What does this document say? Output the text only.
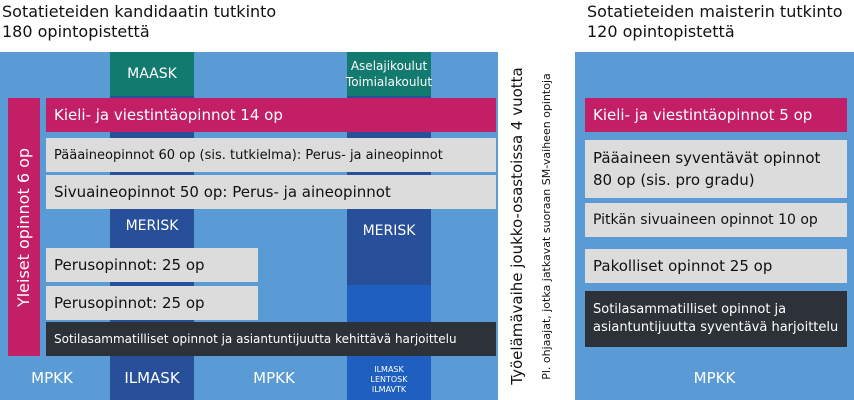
Sotatieteiden kandidaatin tutkinto
180 opintopistettä
Sotatieteiden maisterin tutkinto
120 opintopistettä
MAASK	Aselajikoulut
Toimialakoulut
Yleiset opinnot 6 op
Kieli- ja viestintäopinnot 14 op
Pääaineopinnot 60 op (sis. tutkielma): Perus- ja aineopinnot
Sivuaineopinnot 50 op: Perus- ja aineopinnot
MERISK	MERISK
Perusopinnot: 25 op
Perusopinnot: 25 op
Sotilasammatilliset opinnot ja asiantuntijuutta kehittävä harjoittelu
MPKK	ILMASK	MPKK	ILMASK
LENTOSK
ILMAVTK
Työelämävaihe joukko-osastoissa 4 vuotta Pl. ohjaajat, jotka jatkavat suoraan SM-vaiheen opintoja	Kieli- ja viestintäopinnot 5 op
Pääaineen syventävät opinnot
80 op (sis. pro gradu)
Pitkän sivuaineen opinnot 10 op
Pakolliset opinnot 25 op
Sotilasammatilliset opinnot ja asiantuntijuutta syventävä harjoittelu
MPKK
